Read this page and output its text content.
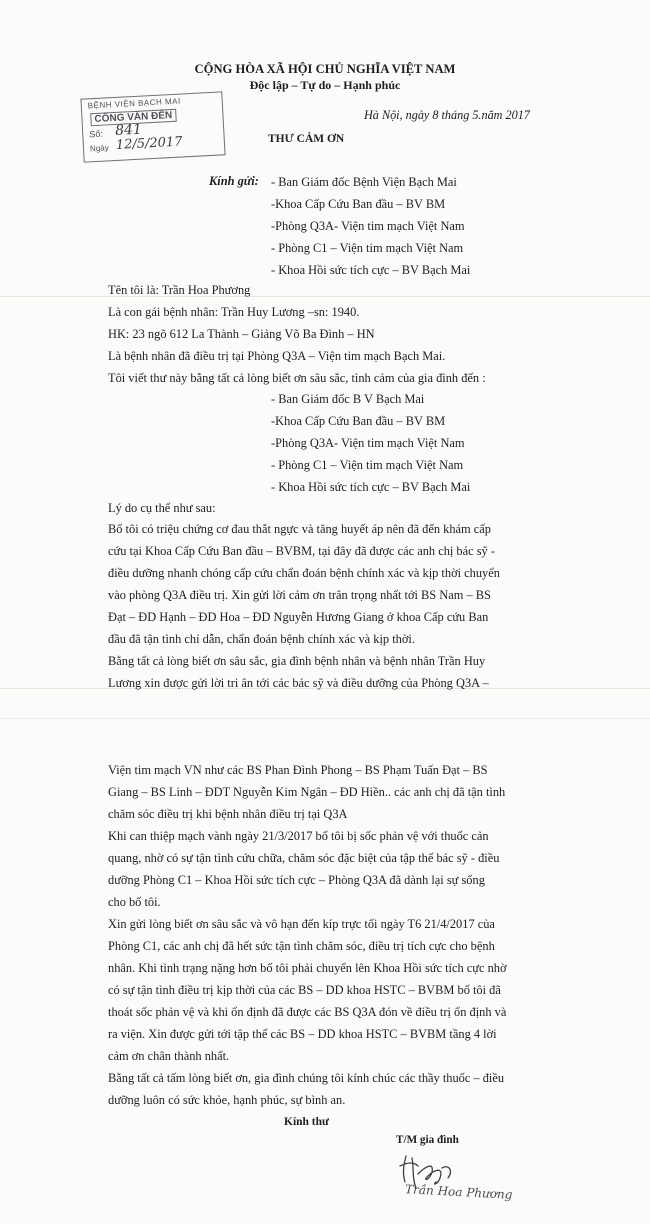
CỘNG HÒA XÃ HỘI CHỦ NGHĨA VIỆT NAM
Độc lập – Tự do – Hạnh phúc
BỆNH VIỆN BẠCH MAI
CÔNG VĂN ĐẾN
Số: 841
Ngày 12/5/2017
Hà Nội, ngày 8 tháng 5.năm 2017
THƯ CẢM ƠN
Kính gửi: - Ban Giám đốc Bệnh Viện Bạch Mai
-Khoa Cấp Cứu Ban đầu – BV BM
-Phòng Q3A- Viện tim mạch Việt Nam
- Phòng C1 – Viện tim mạch Việt Nam
- Khoa Hồi sức tích cực – BV Bạch Mai
Tên tôi là: Trần Hoa Phương
Là con gái bệnh nhân: Trần Huy Lương –sn: 1940.
HK: 23 ngõ 612 La Thành – Giảng Võ Ba Đình – HN
Là bệnh nhân đã điều trị tại Phòng Q3A – Viện tim mạch Bạch Mai.
Tôi viết thư này bằng tất cả lòng biết ơn sâu sắc, tình cảm của gia đình đến :
- Ban Giám đốc B V Bạch Mai
-Khoa Cấp Cứu Ban đầu – BV BM
-Phòng Q3A- Viện tim mạch Việt Nam
- Phòng C1 – Viện tim mạch Việt Nam
- Khoa Hồi sức tích cực – BV Bạch Mai
Lý do cụ thể như sau:
Bố tôi có triệu chứng cơ đau thắt ngực và tăng huyết áp nên đã đến khám cấp
cứu tại Khoa Cấp Cứu Ban đầu – BVBM, tại đây đã được các anh chị bác sỹ -
điều dưỡng nhanh chóng cấp cứu chẩn đoán bệnh chính xác và kịp thời chuyển
vào phòng Q3A điều trị. Xin gửi lời cảm ơn trân trọng nhất tới BS Nam – BS
Đạt – ĐD Hạnh – ĐD Hoa – ĐD Nguyễn Hương Giang ở khoa Cấp cứu Ban
đầu đã tận tình chỉ dẫn, chẩn đoán bệnh chính xác và kịp thời.
Bằng tất cả lòng biết ơn sâu sắc, gia đình bệnh nhân và bệnh nhân Trần Huy
Lương xin được gửi lời tri ân tới các bác sỹ và điều dưỡng của Phòng Q3A –
Viện tim mạch VN như các BS Phan Đình Phong – BS Phạm Tuấn Đạt – BS
Giang – BS Linh – ĐDT Nguyễn Kim Ngân – ĐD Hiền.. các anh chị đã tận tình
chăm sóc điều trị khi bệnh nhân điều trị tại Q3A
Khi can thiệp mạch vành ngày 21/3/2017 bố tôi bị sốc phản vệ với thuốc cản
quang, nhờ có sự tận tình cứu chữa, chăm sóc đặc biệt của tập thể bác sỹ - điều
dưỡng Phòng C1 – Khoa Hồi sức tích cực – Phòng Q3A đã dành lại sự sống
cho bố tôi.
Xin gửi lòng biết ơn sâu sắc và vô hạn đến kíp trực tối ngày T6 21/4/2017 của
Phòng C1, các anh chị đã hết sức tận tình chăm sóc, điều trị tích cực cho bệnh
nhân. Khi tình trạng nặng hơn bố tôi phải chuyển lên Khoa Hồi sức tích cực nhờ
có sự tận tình điều trị kịp thời của các BS – DD khoa HSTC – BVBM bố tôi đã
thoát sốc phản vệ và khi ổn định đã được các BS Q3A đón về điều trị ổn định và
ra viện. Xin được gửi tới tập thể các BS – DD khoa HSTC – BVBM tầng 4 lời
cảm ơn chân thành nhất.
Bằng tất cả tấm lòng biết ơn, gia đình chúng tôi kính chúc các thầy thuốc – điều
dưỡng luôn có sức khỏe, hạnh phúc, sự bình an.
Kính thư
T/M gia đình
Trần Hoa Phương
